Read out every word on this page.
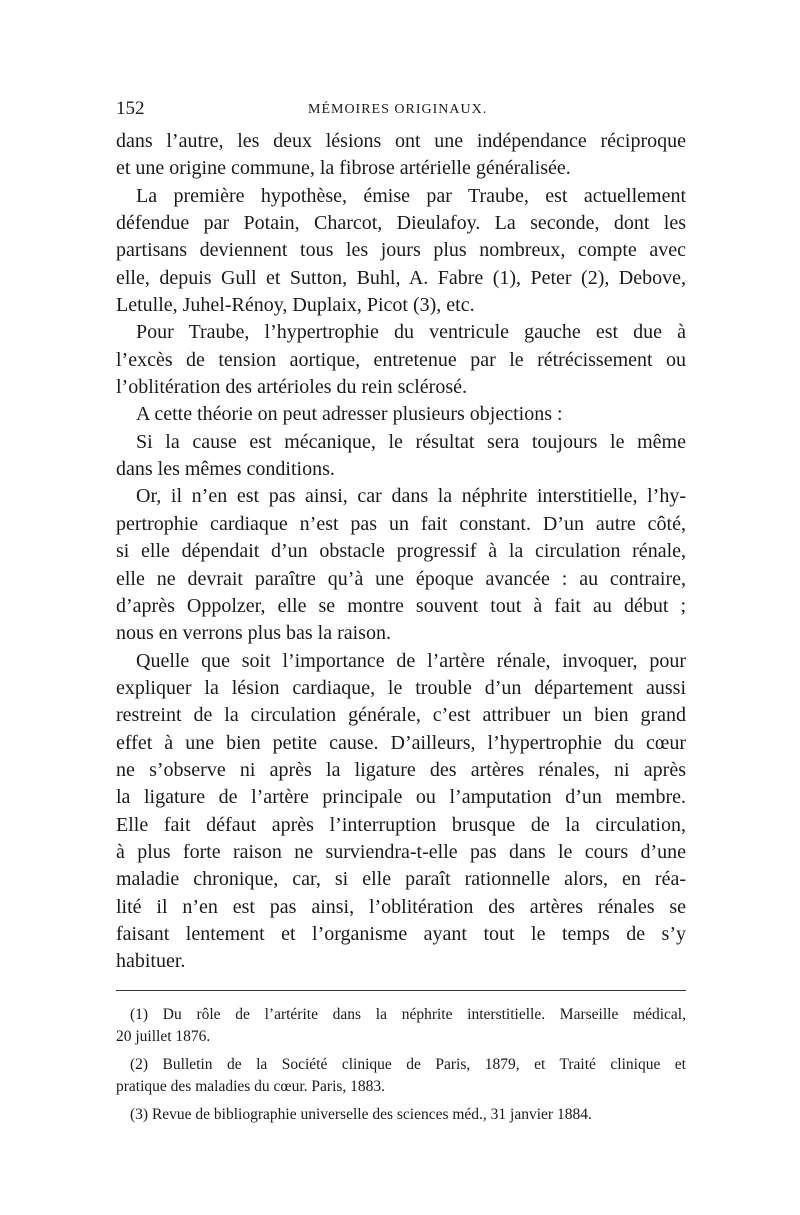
152	MÉMOIRES ORIGINAUX.
dans l’autre, les deux lésions ont une indépendance réciproque
et une origine commune, la fibrose artérielle généralisée.
La première hypothèse, émise par Traube, est actuellement
défendue par Potain, Charcot, Dieulafoy. La seconde, dont les
partisans deviennent tous les jours plus nombreux, compte avec
elle, depuis Gull et Sutton, Buhl, A. Fabre (1), Peter (2), Debove,
Letulle, Juhel-Rénoy, Duplaix, Picot (3), etc.
Pour Traube, l’hypertrophie du ventricule gauche est due à
l’excès de tension aortique, entretenue par le rétrécissement ou
l’oblitération des artérioles du rein sclérosé.
A cette théorie on peut adresser plusieurs objections :
Si la cause est mécanique, le résultat sera toujours le même
dans les mêmes conditions.
Or, il n’en est pas ainsi, car dans la néphrite interstitielle, l’hy-
pertrophie cardiaque n’est pas un fait constant. D’un autre côté,
si elle dépendait d’un obstacle progressif à la circulation rénale,
elle ne devrait paraître qu’à une époque avancée : au contraire,
d’après Oppolzer, elle se montre souvent tout à fait au début ;
nous en verrons plus bas la raison.
Quelle que soit l’importance de l’artère rénale, invoquer, pour
expliquer la lésion cardiaque, le trouble d’un département aussi
restreint de la circulation générale, c’est attribuer un bien grand
effet à une bien petite cause. D’ailleurs, l’hypertrophie du cœur
ne s’observe ni après la ligature des artères rénales, ni après
la ligature de l’artère principale ou l’amputation d’un membre.
Elle fait défaut après l’interruption brusque de la circulation,
à plus forte raison ne surviendra-t-elle pas dans le cours d’une
maladie chronique, car, si elle paraît rationnelle alors, en réa-
lité il n’en est pas ainsi, l’oblitération des artères rénales se
faisant lentement et l’organisme ayant tout le temps de s’y
habituer.
(1) Du rôle de l’artérite dans la néphrite interstitielle. Marseille médical,
20 juillet 1876.
(2) Bulletin de la Société clinique de Paris, 1879, et Traité clinique et
pratique des maladies du cœur. Paris, 1883.
(3) Revue de bibliographie universelle des sciences méd., 31 janvier 1884.
